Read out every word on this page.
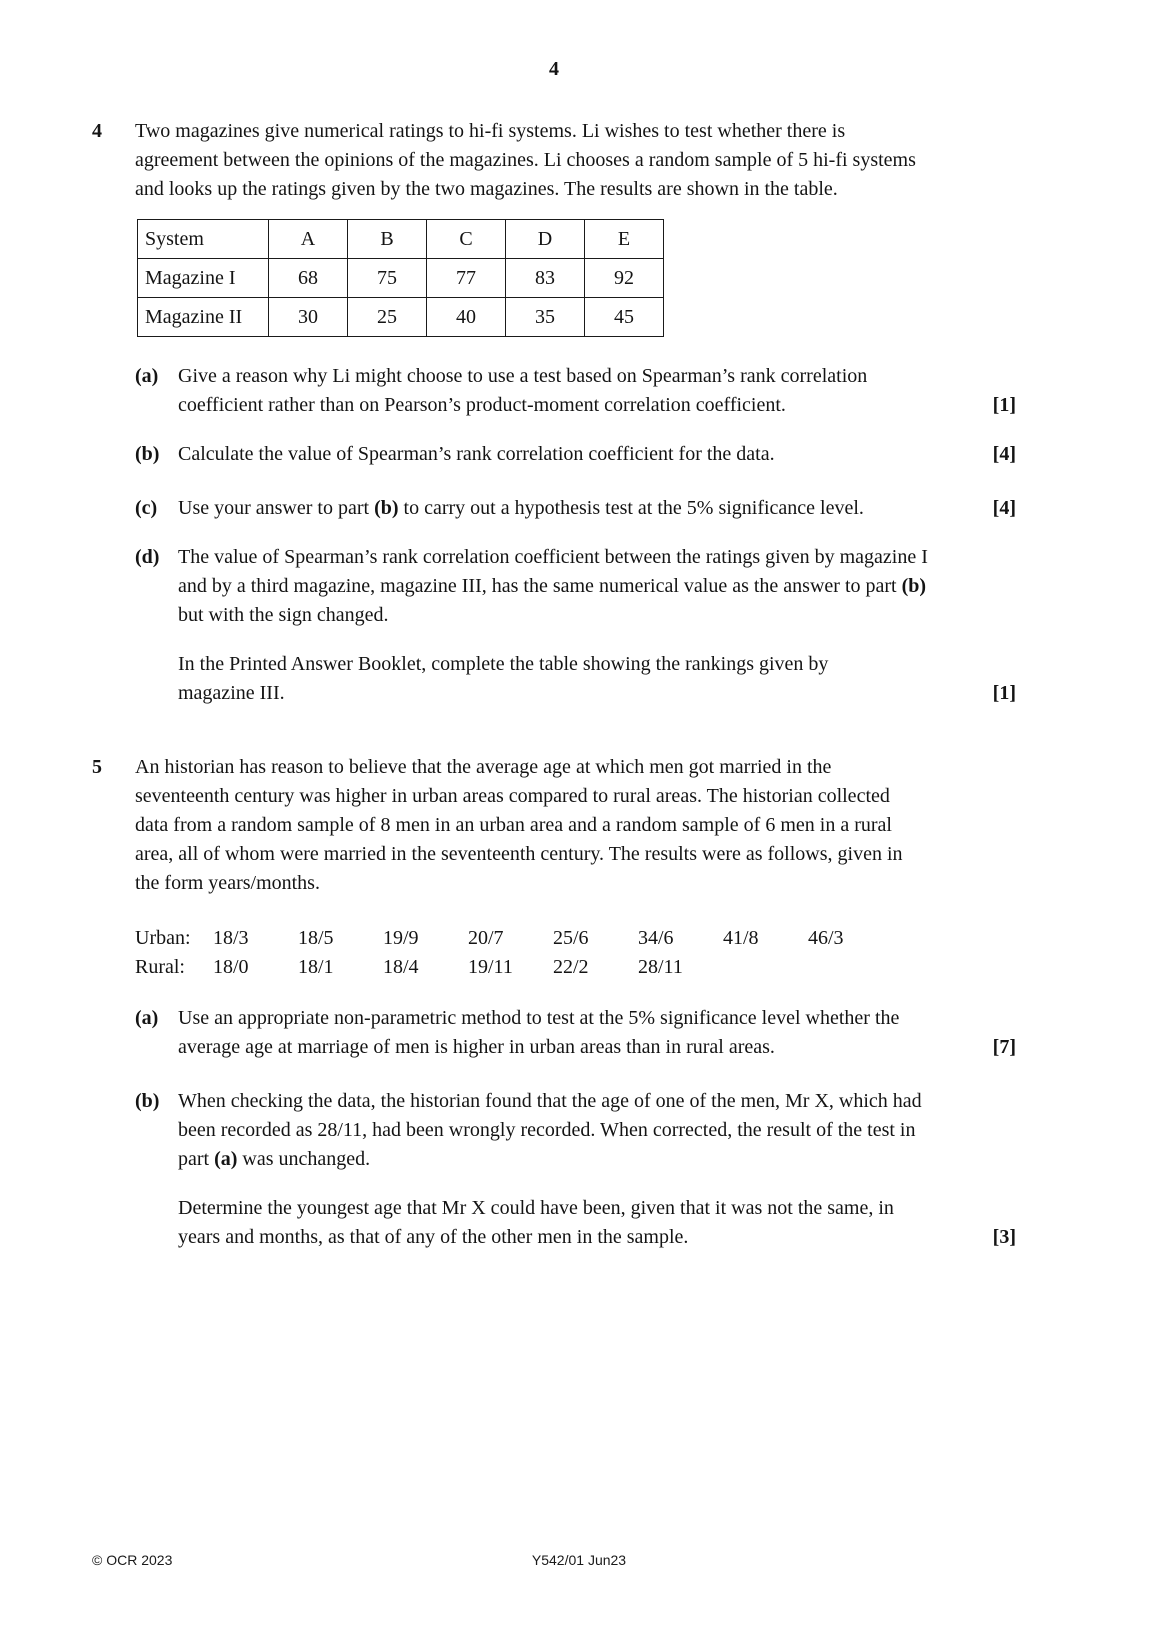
4
4	Two magazines give numerical ratings to hi-fi systems. Li wishes to test whether there is
agreement between the opinions of the magazines. Li chooses a random sample of 5 hi-fi systems
and looks up the ratings given by the two magazines. The results are shown in the table.
System	A	B	C	D	E
Magazine I	68	75	77	83	92
Magazine II	30	25	40	35	45
(a) Give a reason why Li might choose to use a test based on Spearman’s rank correlation
coefficient rather than on Pearson’s product-moment correlation coefficient.	[1]
(b) Calculate the value of Spearman’s rank correlation coefficient for the data.	[4]
(c)	Use your answer to part (b) to carry out a hypothesis test at the 5% significance level.	[4]
(d) The value of Spearman’s rank correlation coefficient between the ratings given by magazine I
and by a third magazine, magazine III, has the same numerical value as the answer to part (b)
but with the sign changed.
In the Printed Answer Booklet, complete the table showing the rankings given by
magazine III.	[1]
5	An historian has reason to believe that the average age at which men got married in the
seventeenth century was higher in urban areas compared to rural areas. The historian collected
data from a random sample of 8 men in an urban area and a random sample of 6 men in a rural
area, all of whom were married in the seventeenth century. The results were as follows, given in
the form years/months.
Urban:	18/3	18/5	19/9	20/7	25/6	34/6	41/8	46/3
Rural:	18/0	18/1	18/4	19/11	22/2	28/11
(a) Use an appropriate non-parametric method to test at the 5% significance level whether the
average age at marriage of men is higher in urban areas than in rural areas.	[7]
(b) When checking the data, the historian found that the age of one of the men, Mr X, which had
been recorded as 28/11, had been wrongly recorded. When corrected, the result of the test in
part (a) was unchanged.
Determine the youngest age that Mr X could have been, given that it was not the same, in
years and months, as that of any of the other men in the sample.	[3]
© OCR 2023	Y542/01 Jun23
